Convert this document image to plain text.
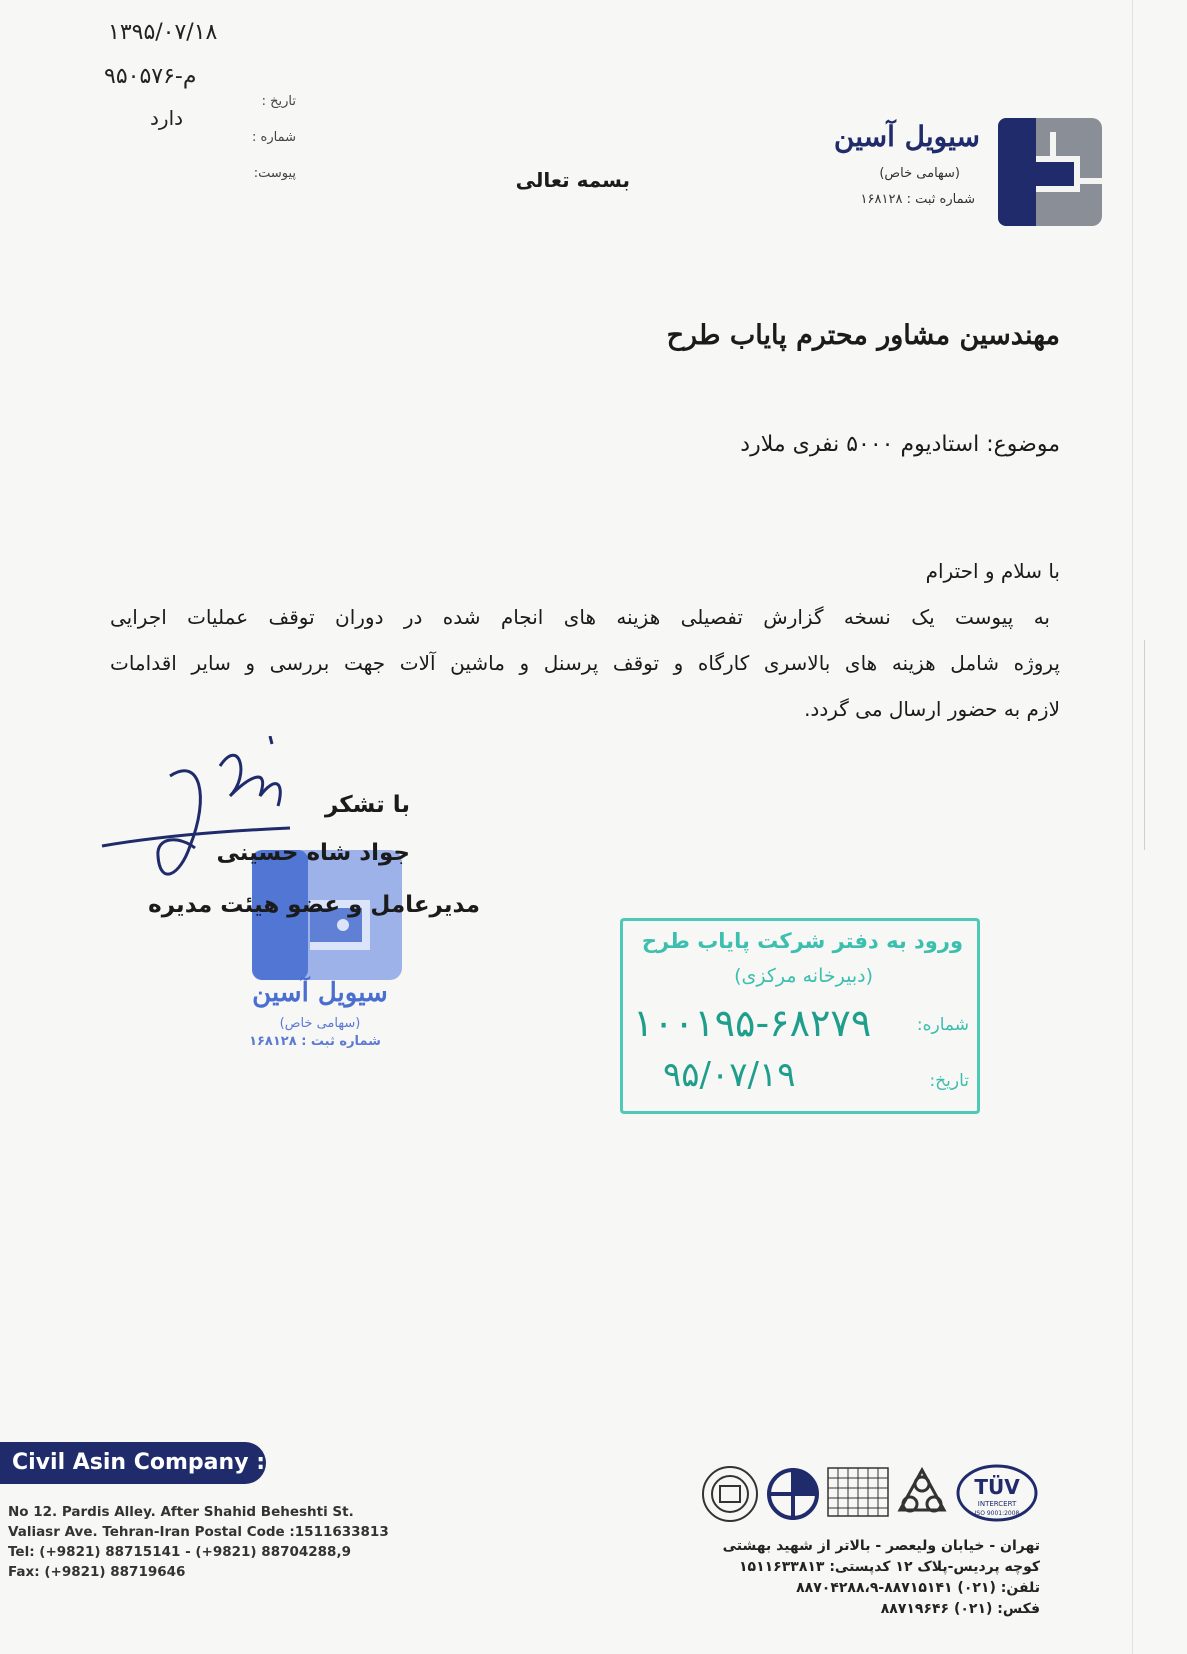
۱۳۹۵/۰۷/۱۸
م-۹۵۰۵۷۶
دارد
تاریخ :
شماره :
پیوست:
سیویل آسین
(سهامی خاص)
شماره ثبت : ۱۶۸۱۲۸
بسمه تعالی
مهندسین مشاور محترم پایاب طرح
موضوع: استادیوم ۵۰۰۰ نفری ملارد

با سلام و احترام

به پیوست یک نسخه گزارش تفصیلی هزینه های انجام شده در دوران توقف عملیات اجرایی

پروژه شامل هزینه های بالاسری کارگاه و توقف پرسنل و ماشین آلات جهت بررسی و سایر اقدامات

لازم به حضور ارسال می گردد.

سیویل آسین
(سهامی خاص)
شماره ثبت : ۱۶۸۱۲۸
با تشکر
جواد شاه حسینی
مدیرعامل و عضو هیئت مدیره
ورود به دفتر شرکت پایاب طرح
(دبیرخانه مرکزی)
شماره:
تاریخ:
۱۰۰۱۹۵-۶۸۲۷۹
۹۵/۰۷/۱۹
Civil Asin Company :
No 12. Pardis Alley. After Shahid Beheshti St.
Valiasr Ave. Tehran-Iran Postal Code :1511633813
Tel: (+9821) 88715141 - (+9821) 88704288,9
Fax: (+9821) 88719646
TÜV
INTERCERT
ISO 9001:2008
تهران - خیابان ولیعصر - بالاتر از شهید بهشتی
کوچه پردیس-پلاک ۱۲ کدپستی: ۱۵۱۱۶۳۳۸۱۳
تلفن: (۰۲۱) ۸۸۷۱۵۱۴۱-۸۸۷۰۴۲۸۸،۹
فکس: (۰۲۱) ۸۸۷۱۹۶۴۶
